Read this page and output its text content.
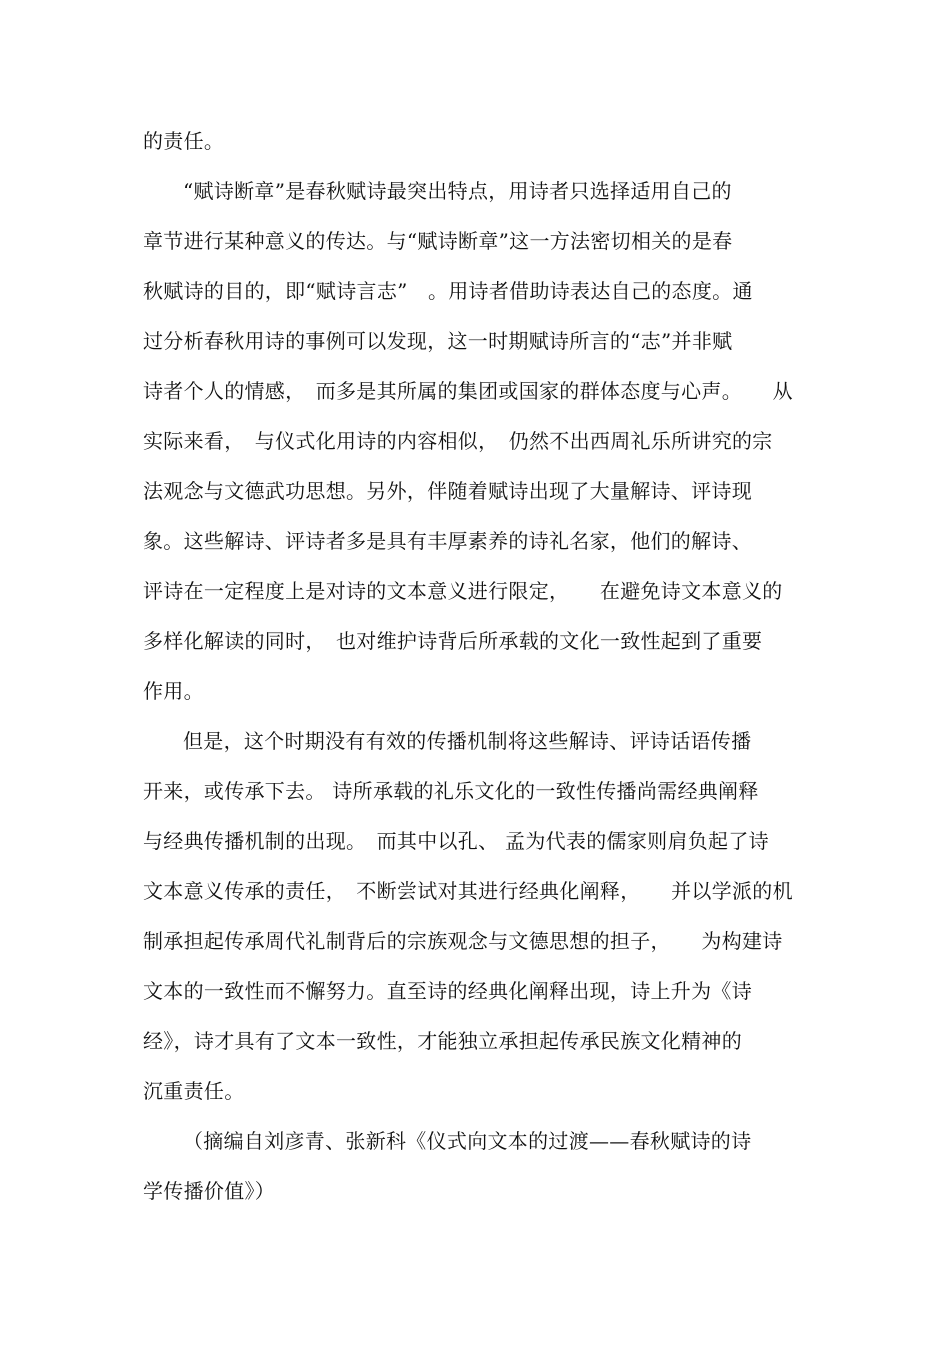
的责任。
“赋诗断章”是春秋赋诗最突出特点，用诗者只选择适用自己的
章节进行某种意义的传达。与“赋诗断章”这一方法密切相关的是春
秋赋诗的目的，即“赋诗言志”　。用诗者借助诗表达自己的态度。通
过分析春秋用诗的事例可以发现，这一时期赋诗所言的“志”并非赋
诗者个人的情感，　而多是其所属的集团或国家的群体态度与心声。　　从
实际来看，　与仪式化用诗的内容相似，　仍然不出西周礼乐所讲究的宗
法观念与文德武功思想。另外，伴随着赋诗出现了大量解诗、评诗现
象。这些解诗、评诗者多是具有丰厚素养的诗礼名家，他们的解诗、
评诗在一定程度上是对诗的文本意义进行限定，　　在避免诗文本意义的
多样化解读的同时，　也对维护诗背后所承载的文化一致性起到了重要
作用。
但是，这个时期没有有效的传播机制将这些解诗、评诗话语传播
开来，或传承下去。 诗所承载的礼乐文化的一致性传播尚需经典阐释
与经典传播机制的出现。　而其中以孔、 孟为代表的儒家则肩负起了诗
文本意义传承的责任，　不断尝试对其进行经典化阐释，　　并以学派的机
制承担起传承周代礼制背后的宗族观念与文德思想的担子，　　为构建诗
文本的一致性而不懈努力。直至诗的经典化阐释出现，诗上升为《诗
经》，诗才具有了文本一致性，才能独立承担起传承民族文化精神的
沉重责任。
（摘编自刘彦青、张新科《仪式向文本的过渡——春秋赋诗的诗
学传播价值》）
